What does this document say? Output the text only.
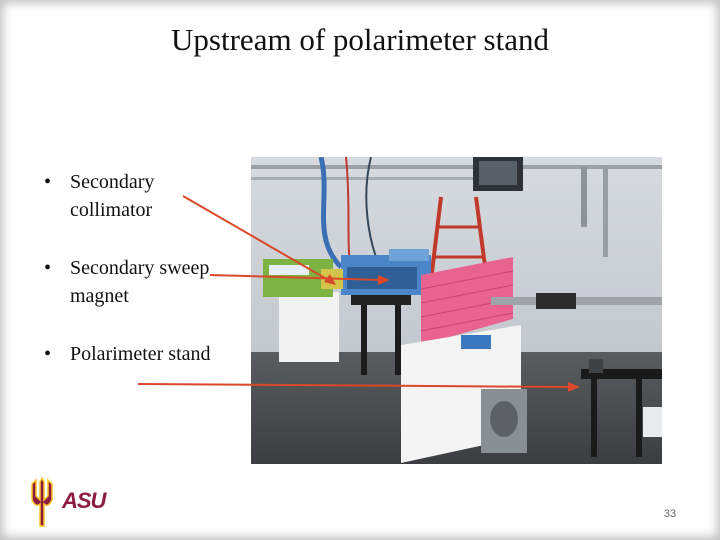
Upstream of polarimeter stand
• Secondary collimator
• Secondary sweep magnet
• Polarimeter stand
ASU
33
